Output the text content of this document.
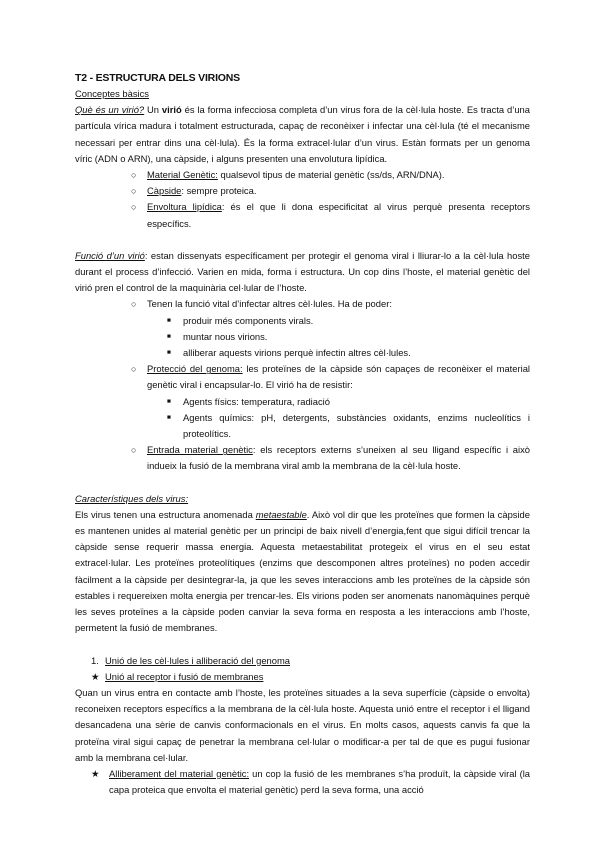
T2 - ESTRUCTURA DELS VIRIONS

Conceptes bàsics

Què és un virió? Un virió és la forma infecciosa completa d’un virus fora de la cèl·lula hoste. Es tracta d’una partícula vírica madura i totalment estructurada, capaç de reconèixer i infectar una cèl·lula (té el mecanisme necessari per entrar dins una cèl·lula). És la forma extracel·lular d’un virus. Estàn formats per un genoma víric (ADN o ARN), una càpside, i alguns presenten una envolutura lipídica.

○ Material Genètic: qualsevol tipus de material genètic (ss/ds, ARN/DNA).
○ Càpside: sempre proteica.
○ Envoltura lipídica: és el que li dona especificitat al virus perquè presenta receptors específics.

Funció d’un virió: estan dissenyats específicament per protegir el genoma viral i lliurar-lo a la cèl·lula hoste durant el process d’infecció. Varien en mida, forma i estructura. Un cop dins l’hoste, el material genètic del virió pren el control de la maquinària cel·lular de l’hoste.

○ Tenen la funció vital d’infectar altres cèl·lules. Ha de poder:
■ produir més components virals.
■ muntar nous virions.
■ alliberar aquests virions perquè infectin altres cèl·lules.
○ Protecció del genoma: les proteïnes de la càpside són capaçes de reconèixer el material genètic viral i encapsular-lo. El virió ha de resistir:
■ Agents físics: temperatura, radiació
■ Agents químics: pH, detergents, substàncies oxidants, enzims nucleolítics i proteolítics.
○ Entrada material genètic: els receptors externs s’uneixen al seu lligand específic i això indueix la fusió de la membrana viral amb la membrana de la cèl·lula hoste.

Característiques dels virus:

Els virus tenen una estructura anomenada metaestable. Això vol dir que les proteïnes que formen la càpside es mantenen unides al material genètic per un principi de baix nivell d’energia,fent que sigui difícil trencar la càpside sense requerir massa energia. Aquesta metaestabilitat protegeix el virus en el seu estat extracel·lular. Les proteïnes proteolítiques (enzims que descomponen altres proteïnes) no poden accedir fàcilment a la càpside per desintegrar-la, ja que les seves interaccions amb les proteïnes de la càpside són estables i requereixen molta energia per trencar-les. Els virions poden ser anomenats nanomàquines perquè les seves proteïnes a la càpside poden canviar la seva forma en resposta a les interaccions amb l’hoste, permetent la fusió de membranes.

1. Unió de les cèl·lules i alliberació del genoma

★ Unió al receptor i fusió de membranes

Quan un virus entra en contacte amb l’hoste, les proteïnes situades a la seva superfície (càpside o envolta) reconeixen receptors específics a la membrana de la cèl·lula hoste. Aquesta unió entre el receptor i el lligand desancadena una sèrie de canvis conformacionals en el virus. En molts casos, aquests canvis fa que la proteïna viral sigui capaç de penetrar la membrana cel·lular o modificar-a per tal de que es pugui fusionar amb la membrana cel·lular.

★ Alliberament del material genètic: un cop la fusió de les membranes s’ha produït, la càpside viral (la capa proteica que envolta el material genètic) perd la seva forma, una acció
